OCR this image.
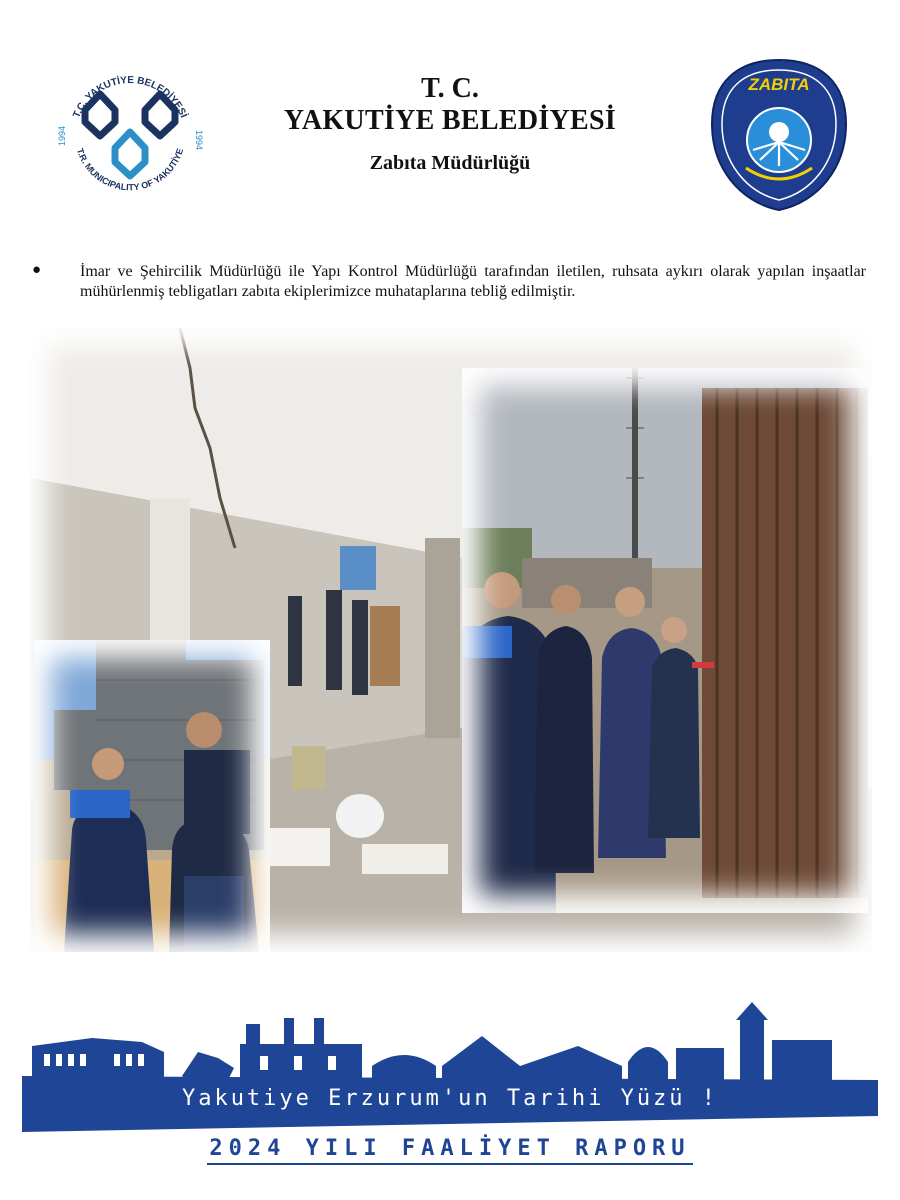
T.C. YAKUTİYE BELEDİYESİ
T.R. MUNICIPALITY OF YAKUTİYE
1994	1994
T. C.
YAKUTİYE BELEDİYESİ
Zabıta Müdürlüğü
ZABITA
● İmar ve Şehircilik Müdürlüğü ile Yapı Kontrol Müdürlüğü tarafından iletilen, ruhsata aykırı olarak yapılan inşaatlar mühürlenmiş tebligatları zabıta ekiplerimizce muhataplarına tebliğ edilmiştir.
Yakutiye Erzurum'un Tarihi Yüzü !
2024 YILI FAALİYET RAPORU
